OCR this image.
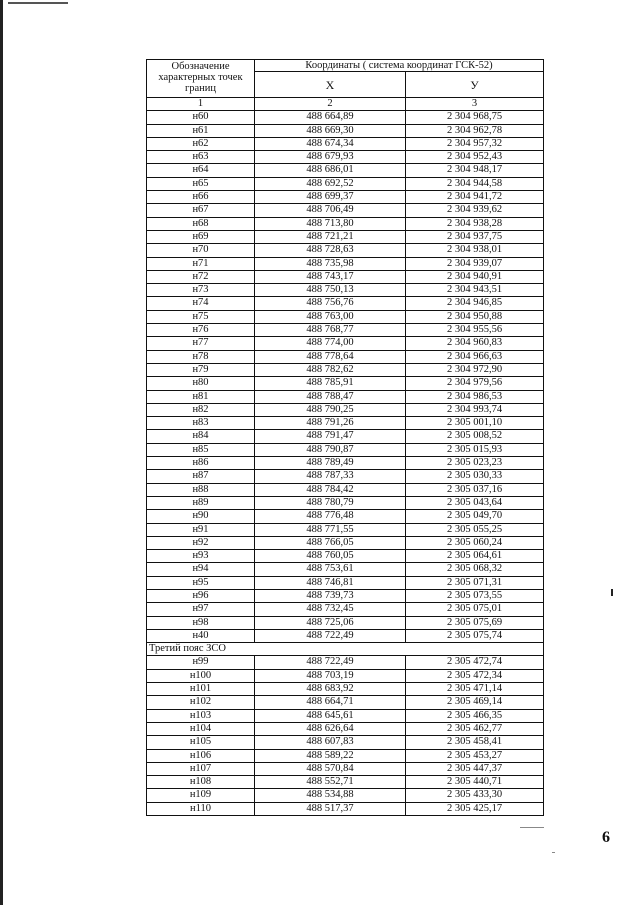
Обозначение характерных точек границ	Координаты ( система координат ГСК-52)	
	Х	У
1	2	3
н60	488 664,89	2 304 968,75
н61	488 669,30	2 304 962,78
н62	488 674,34	2 304 957,32
н63	488 679,93	2 304 952,43
н64	488 686,01	2 304 948,17
н65	488 692,52	2 304 944,58
н66	488 699,37	2 304 941,72
н67	488 706,49	2 304 939,62
н68	488 713,80	2 304 938,28
н69	488 721,21	2 304 937,75
н70	488 728,63	2 304 938,01
н71	488 735,98	2 304 939,07
н72	488 743,17	2 304 940,91
н73	488 750,13	2 304 943,51
н74	488 756,76	2 304 946,85
н75	488 763,00	2 304 950,88
н76	488 768,77	2 304 955,56
н77	488 774,00	2 304 960,83
н78	488 778,64	2 304 966,63
н79	488 782,62	2 304 972,90
н80	488 785,91	2 304 979,56
н81	488 788,47	2 304 986,53
н82	488 790,25	2 304 993,74
н83	488 791,26	2 305 001,10
н84	488 791,47	2 305 008,52
н85	488 790,87	2 305 015,93
н86	488 789,49	2 305 023,23
н87	488 787,33	2 305 030,33
н88	488 784,42	2 305 037,16
н89	488 780,79	2 305 043,64
н90	488 776,48	2 305 049,70
н91	488 771,55	2 305 055,25
н92	488 766,05	2 305 060,24
н93	488 760,05	2 305 064,61
н94	488 753,61	2 305 068,32
н95	488 746,81	2 305 071,31
н96	488 739,73	2 305 073,55
н97	488 732,45	2 305 075,01
н98	488 725,06	2 305 075,69
н40	488 722,49	2 305 075,74
Третий пояс ЗСО		
н99	488 722,49	2 305 472,74
н100	488 703,19	2 305 472,34
н101	488 683,92	2 305 471,14
н102	488 664,71	2 305 469,14
н103	488 645,61	2 305 466,35
н104	488 626,64	2 305 462,77
н105	488 607,83	2 305 458,41
н106	488 589,22	2 305 453,27
н107	488 570,84	2 305 447,37
н108	488 552,71	2 305 440,71
н109	488 534,88	2 305 433,30
н110	488 517,37	2 305 425,17
6
